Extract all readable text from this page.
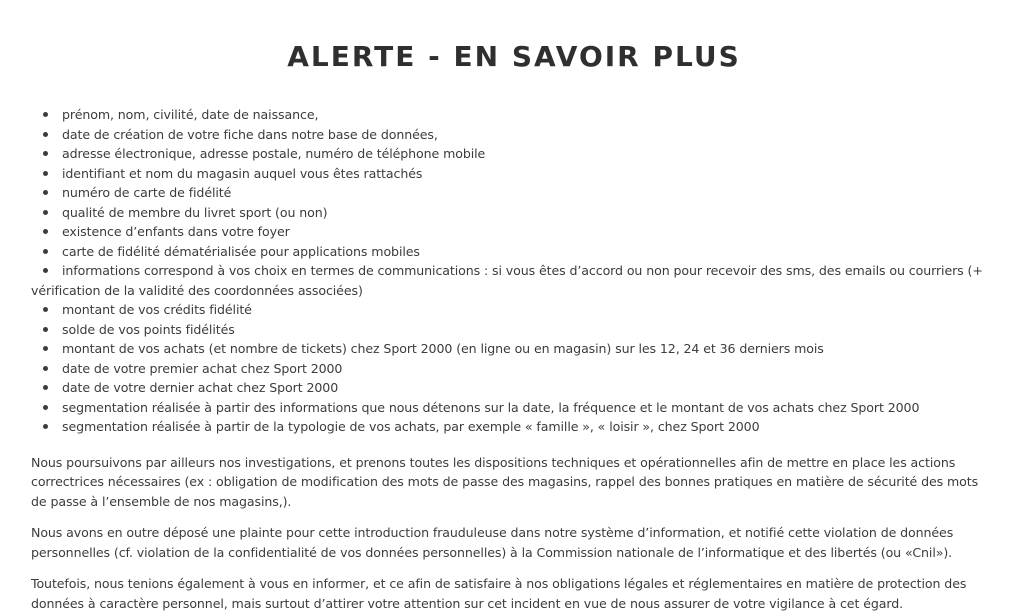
ALERTE - EN SAVOIR PLUS
prénom, nom, civilité, date de naissance,
date de création de votre fiche dans notre base de données,
adresse électronique, adresse postale, numéro de téléphone mobile
identifiant et nom du magasin auquel vous êtes rattachés
numéro de carte de fidélité
qualité de membre du livret sport (ou non)
existence d’enfants dans votre foyer
carte de fidélité dématérialisée pour applications mobiles
informations correspond à vos choix en termes de communications : si vous êtes d’accord ou non pour recevoir des sms, des emails ou courriers (+ vérification de la validité des coordonnées associées)
montant de vos crédits fidélité
solde de vos points fidélités
montant de vos achats (et nombre de tickets) chez Sport 2000 (en ligne ou en magasin) sur les 12, 24 et 36 derniers mois
date de votre premier achat chez Sport 2000
date de votre dernier achat chez Sport 2000
segmentation réalisée à partir des informations que nous détenons sur la date, la fréquence et le montant de vos achats chez Sport 2000
segmentation réalisée à partir de la typologie de vos achats, par exemple « famille », « loisir », chez Sport 2000

Nous poursuivons par ailleurs nos investigations, et prenons toutes les dispositions techniques et opérationnelles afin de mettre en place les actions correctrices nécessaires (ex : obligation de modification des mots de passe des magasins, rappel des bonnes pratiques en matière de sécurité des mots de passe à l’ensemble de nos magasins,).

Nous avons en outre déposé une plainte pour cette introduction frauduleuse dans notre système d’information, et notifié cette violation de données personnelles (cf. violation de la confidentialité de vos données personnelles) à la Commission nationale de l’informatique et des libertés (ou «Cnil»).

Toutefois, nous tenions également à vous en informer, et ce afin de satisfaire à nos obligations légales et réglementaires en matière de protection des données à caractère personnel, mais surtout d’attirer votre attention sur cet incident en vue de nous assurer de votre vigilance à cet égard.
